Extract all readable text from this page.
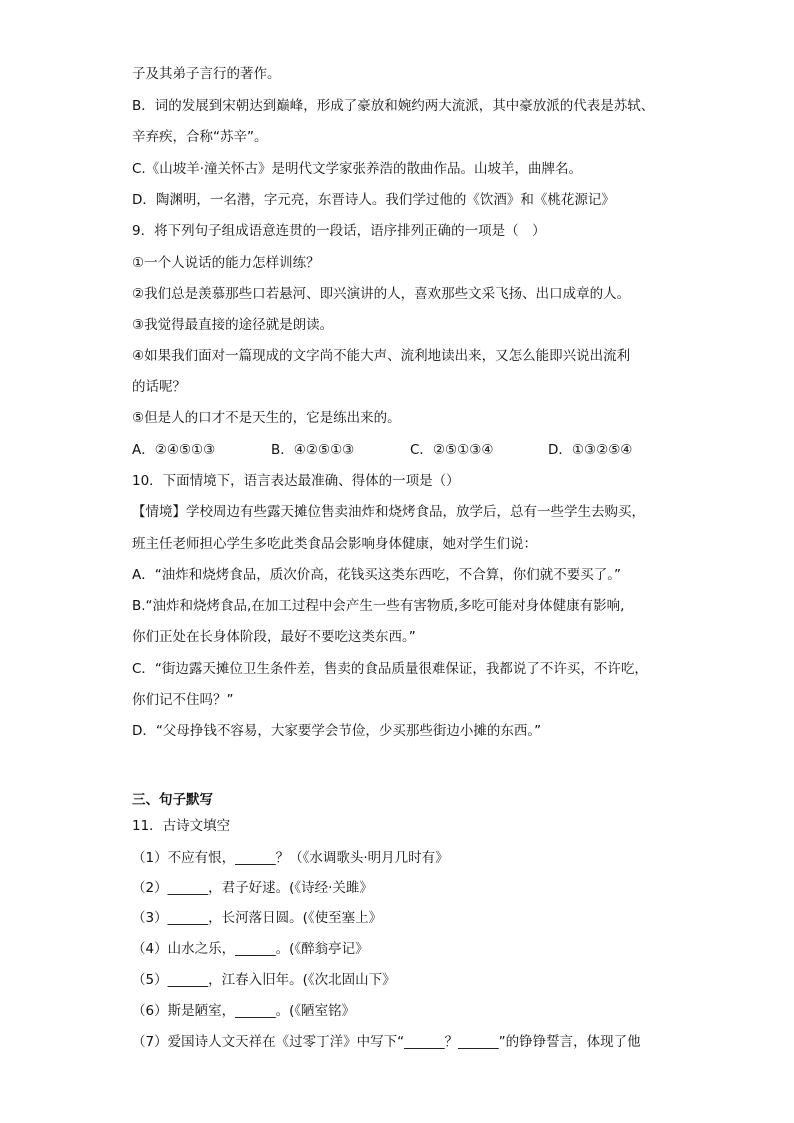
子及其弟子言行的著作。
B．词的发展到宋朝达到巅峰，形成了豪放和婉约两大流派，其中豪放派的代表是苏轼、
辛弃疾，合称“苏辛”。
C.《山坡羊·潼关怀古》是明代文学家张养浩的散曲作品。山坡羊，曲牌名。
D．陶渊明，一名潜，字元亮，东晋诗人。我们学过他的《饮酒》和《桃花源记》
9．将下列句子组成语意连贯的一段话，语序排列正确的一项是（　）
①一个人说话的能力怎样训练？
②我们总是羡慕那些口若悬河、即兴演讲的人，喜欢那些文采飞扬、出口成章的人。
③我觉得最直接的途径就是朗读。
④如果我们面对一篇现成的文字尚不能大声、流利地读出来，又怎么能即兴说出流利
的话呢？
⑤但是人的口才不是天生的，它是练出来的。
A．②④⑤①③	B．④②⑤①③	C．②⑤①③④	D．①③②⑤④
10．下面情境下，语言表达最准确、得体的一项是（）
【情境】学校周边有些露天摊位售卖油炸和烧烤食品，放学后，总有一些学生去购买，
班主任老师担心学生多吃此类食品会影响身体健康，她对学生们说：
A．“油炸和烧烤食品，质次价高，花钱买这类东西吃，不合算，你们就不要买了。”
B.“油炸和烧烤食品,在加工过程中会产生一些有害物质,多吃可能对身体健康有影响,
你们正处在长身体阶段，最好不要吃这类东西。”
C．“街边露天摊位卫生条件差，售卖的食品质量很难保证，我都说了不许买，不许吃，
你们记不住吗？”
D．“父母挣钱不容易，大家要学会节俭，少买那些街边小摊的东西。”
三、句子默写
11．古诗文填空
（1）不应有恨，______？（《水调歌头·明月几时有》
（2）______，君子好逑。(《诗经·关雎》
（3）______，长河落日圆。(《使至塞上》
（4）山水之乐，______。(《醉翁亭记》
（5）______，江春入旧年。(《次北固山下》
（6）斯是陋室，______。(《陋室铭》
（7）爱国诗人文天祥在《过零丁洋》中写下“______？______”的铮铮誓言，体现了他
